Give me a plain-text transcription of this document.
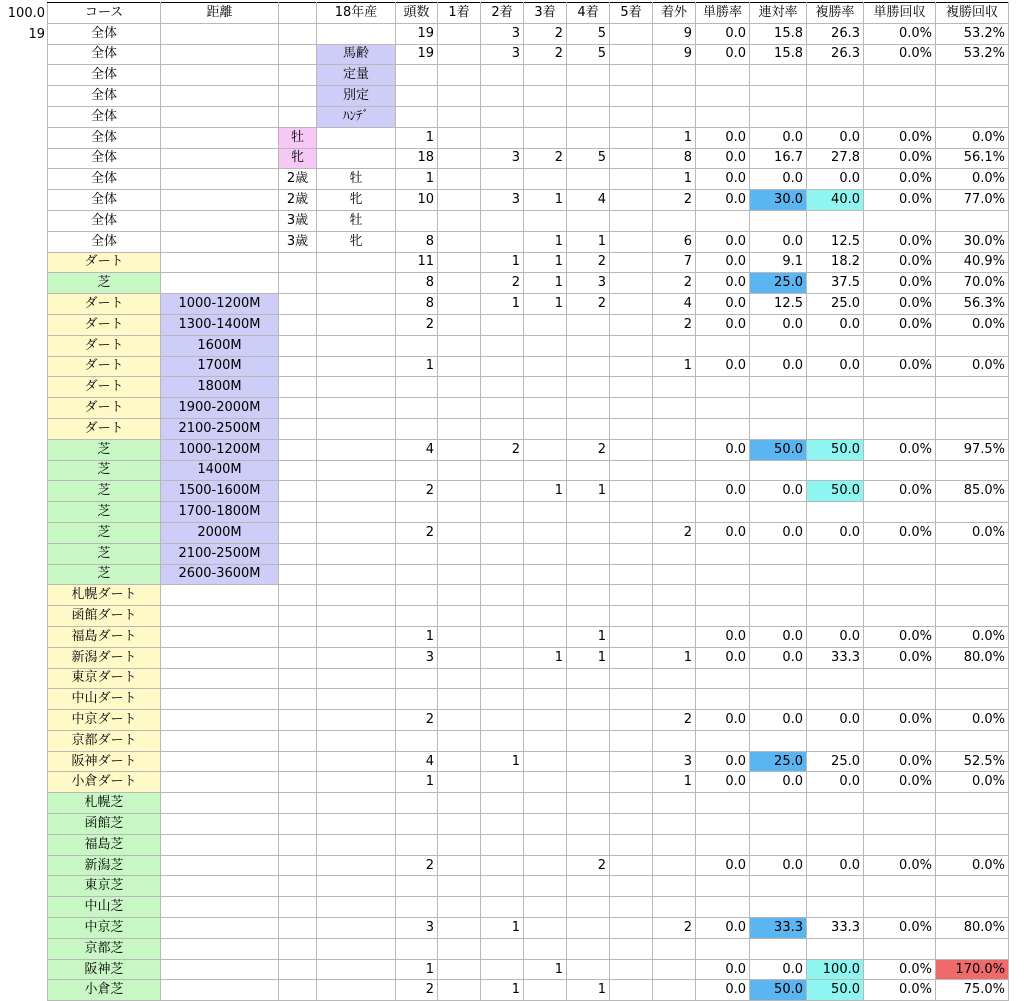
100.0
19
コース	距離		18年産	頭数	1着	2着	3着	4着	5着	着外	単勝率	連対率	複勝率	単勝回収	複勝回収
全体				19		3	2	5		9	0.0	15.8	26.3	0.0%	53.2%
全体			馬齢	19		3	2	5		9	0.0	15.8	26.3	0.0%	53.2%
全体			定量												
全体			別定												
全体			ﾊﾝﾃﾞ												
全体		牡		1						1	0.0	0.0	0.0	0.0%	0.0%
全体		牝		18		3	2	5		8	0.0	16.7	27.8	0.0%	56.1%
全体		2歳	牡	1						1	0.0	0.0	0.0	0.0%	0.0%
全体		2歳	牝	10		3	1	4		2	0.0	30.0	40.0	0.0%	77.0%
全体		3歳	牡												
全体		3歳	牝	8			1	1		6	0.0	0.0	12.5	0.0%	30.0%
ダート				11		1	1	2		7	0.0	9.1	18.2	0.0%	40.9%
芝				8		2	1	3		2	0.0	25.0	37.5	0.0%	70.0%
ダート	1000-1200M			8		1	1	2		4	0.0	12.5	25.0	0.0%	56.3%
ダート	1300-1400M			2						2	0.0	0.0	0.0	0.0%	0.0%
ダート	1600M														
ダート	1700M			1						1	0.0	0.0	0.0	0.0%	0.0%
ダート	1800M														
ダート	1900-2000M														
ダート	2100-2500M														
芝	1000-1200M			4		2		2			0.0	50.0	50.0	0.0%	97.5%
芝	1400M														
芝	1500-1600M			2			1	1			0.0	0.0	50.0	0.0%	85.0%
芝	1700-1800M														
芝	2000M			2						2	0.0	0.0	0.0	0.0%	0.0%
芝	2100-2500M														
芝	2600-3600M														
札幌ダート															
函館ダート															
福島ダート				1				1			0.0	0.0	0.0	0.0%	0.0%
新潟ダート				3			1	1		1	0.0	0.0	33.3	0.0%	80.0%
東京ダート															
中山ダート															
中京ダート				2						2	0.0	0.0	0.0	0.0%	0.0%
京都ダート															
阪神ダート				4		1				3	0.0	25.0	25.0	0.0%	52.5%
小倉ダート				1						1	0.0	0.0	0.0	0.0%	0.0%
札幌芝															
函館芝															
福島芝															
新潟芝				2				2			0.0	0.0	0.0	0.0%	0.0%
東京芝															
中山芝															
中京芝				3		1				2	0.0	33.3	33.3	0.0%	80.0%
京都芝															
阪神芝				1			1				0.0	0.0	100.0	0.0%	170.0%
小倉芝				2		1		1			0.0	50.0	50.0	0.0%	75.0%
